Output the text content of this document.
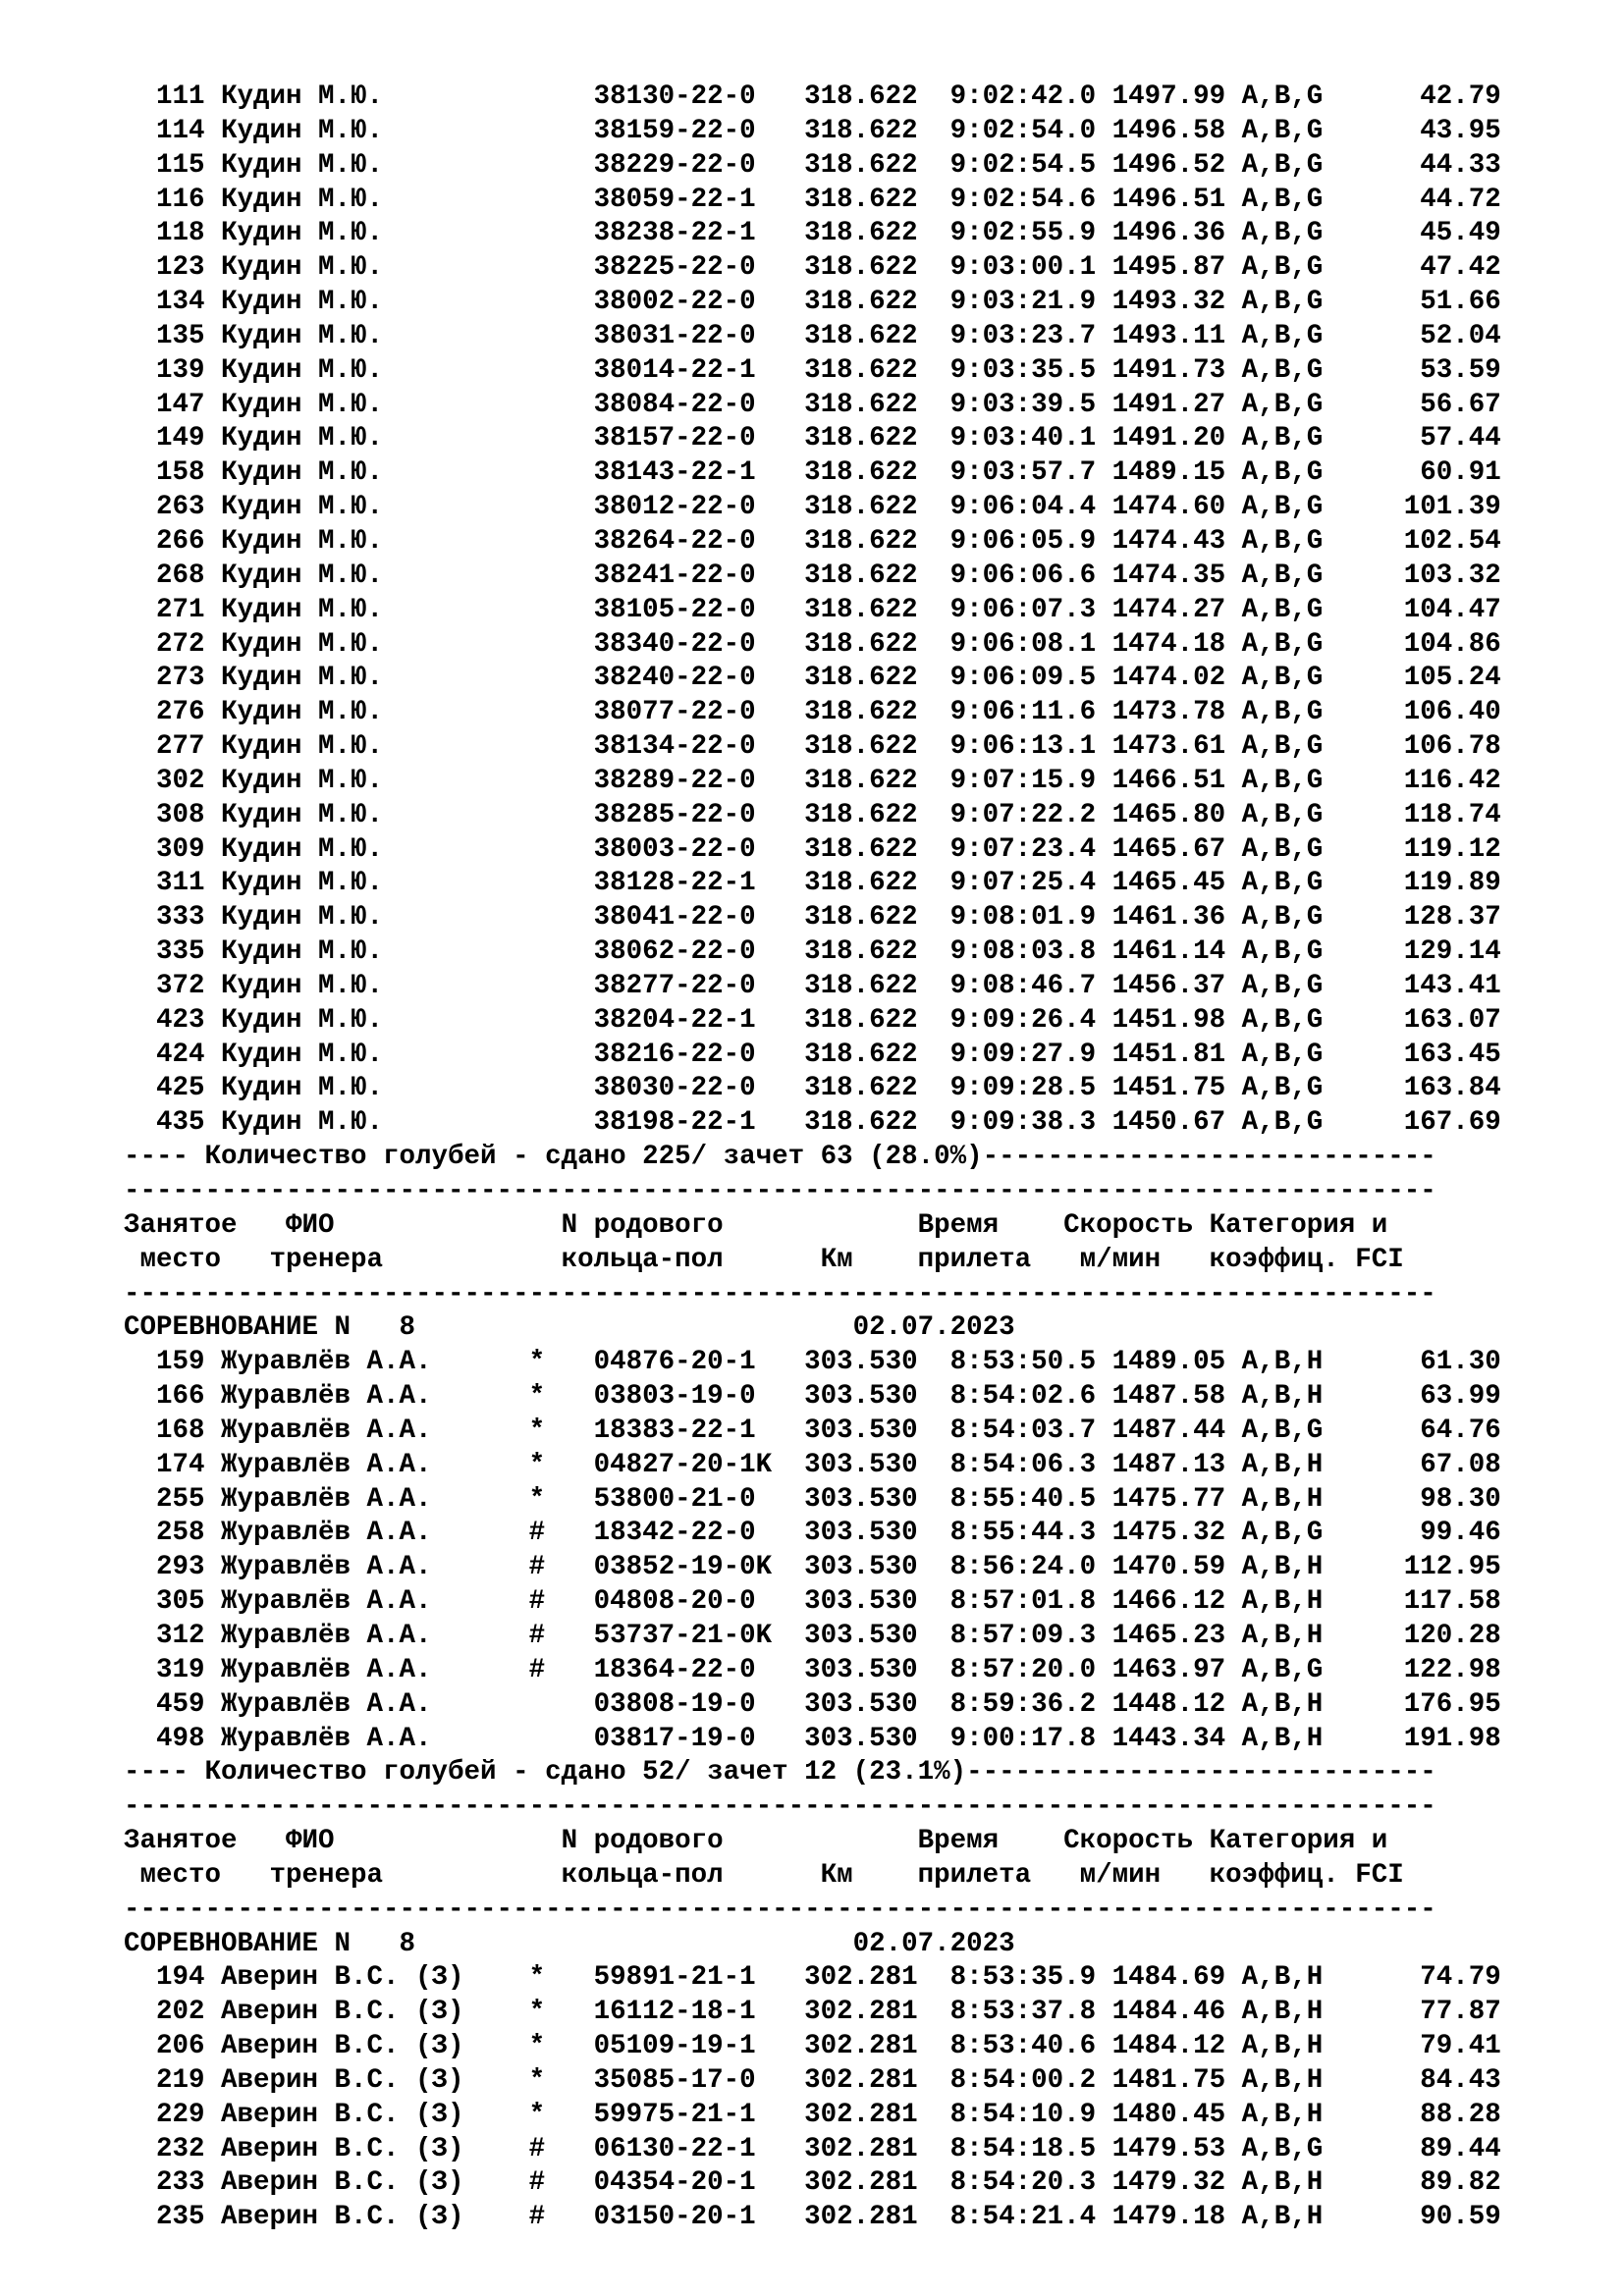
111 Кудин М.Ю.             38130-22-0   318.622  9:02:42.0 1497.99 A,B,G      42.79
114 Кудин М.Ю.             38159-22-0   318.622  9:02:54.0 1496.58 A,B,G      43.95
115 Кудин М.Ю.             38229-22-0   318.622  9:02:54.5 1496.52 A,B,G      44.33
116 Кудин М.Ю.             38059-22-1   318.622  9:02:54.6 1496.51 A,B,G      44.72
118 Кудин М.Ю.             38238-22-1   318.622  9:02:55.9 1496.36 A,B,G      45.49
123 Кудин М.Ю.             38225-22-0   318.622  9:03:00.1 1495.87 A,B,G      47.42
134 Кудин М.Ю.             38002-22-0   318.622  9:03:21.9 1493.32 A,B,G      51.66
135 Кудин М.Ю.             38031-22-0   318.622  9:03:23.7 1493.11 A,B,G      52.04
139 Кудин М.Ю.             38014-22-1   318.622  9:03:35.5 1491.73 A,B,G      53.59
147 Кудин М.Ю.             38084-22-0   318.622  9:03:39.5 1491.27 A,B,G      56.67
149 Кудин М.Ю.             38157-22-0   318.622  9:03:40.1 1491.20 A,B,G      57.44
158 Кудин М.Ю.             38143-22-1   318.622  9:03:57.7 1489.15 A,B,G      60.91
263 Кудин М.Ю.             38012-22-0   318.622  9:06:04.4 1474.60 A,B,G     101.39
266 Кудин М.Ю.             38264-22-0   318.622  9:06:05.9 1474.43 A,B,G     102.54
268 Кудин М.Ю.             38241-22-0   318.622  9:06:06.6 1474.35 A,B,G     103.32
271 Кудин М.Ю.             38105-22-0   318.622  9:06:07.3 1474.27 A,B,G     104.47
272 Кудин М.Ю.             38340-22-0   318.622  9:06:08.1 1474.18 A,B,G     104.86
273 Кудин М.Ю.             38240-22-0   318.622  9:06:09.5 1474.02 A,B,G     105.24
276 Кудин М.Ю.             38077-22-0   318.622  9:06:11.6 1473.78 A,B,G     106.40
277 Кудин М.Ю.             38134-22-0   318.622  9:06:13.1 1473.61 A,B,G     106.78
302 Кудин М.Ю.             38289-22-0   318.622  9:07:15.9 1466.51 A,B,G     116.42
308 Кудин М.Ю.             38285-22-0   318.622  9:07:22.2 1465.80 A,B,G     118.74
309 Кудин М.Ю.             38003-22-0   318.622  9:07:23.4 1465.67 A,B,G     119.12
311 Кудин М.Ю.             38128-22-1   318.622  9:07:25.4 1465.45 A,B,G     119.89
333 Кудин М.Ю.             38041-22-0   318.622  9:08:01.9 1461.36 A,B,G     128.37
335 Кудин М.Ю.             38062-22-0   318.622  9:08:03.8 1461.14 A,B,G     129.14
372 Кудин М.Ю.             38277-22-0   318.622  9:08:46.7 1456.37 A,B,G     143.41
423 Кудин М.Ю.             38204-22-1   318.622  9:09:26.4 1451.98 A,B,G     163.07
424 Кудин М.Ю.             38216-22-0   318.622  9:09:27.9 1451.81 A,B,G     163.45
425 Кудин М.Ю.             38030-22-0   318.622  9:09:28.5 1451.75 A,B,G     163.84
435 Кудин М.Ю.             38198-22-1   318.622  9:09:38.3 1450.67 A,B,G     167.69
---- Количество голубей - сдано 225/ зачет 63 (28.0%)----------------------------
---------------------------------------------------------------------------------
Занятое   ФИО              N родового            Время    Скорость Категория и
место   тренера           кольца-пол      Км    прилета   м/мин   коэффиц. FCI
---------------------------------------------------------------------------------
СОРЕВНОВАНИЕ N   8                           02.07.2023
159 Журавлёв А.А.      *   04876-20-1   303.530  8:53:50.5 1489.05 A,B,H      61.30
166 Журавлёв А.А.      *   03803-19-0   303.530  8:54:02.6 1487.58 A,B,H      63.99
168 Журавлёв А.А.      *   18383-22-1   303.530  8:54:03.7 1487.44 A,B,G      64.76
174 Журавлёв А.А.      *   04827-20-1K  303.530  8:54:06.3 1487.13 A,B,H      67.08
255 Журавлёв А.А.      *   53800-21-0   303.530  8:55:40.5 1475.77 A,B,H      98.30
258 Журавлёв А.А.      #   18342-22-0   303.530  8:55:44.3 1475.32 A,B,G      99.46
293 Журавлёв А.А.      #   03852-19-0K  303.530  8:56:24.0 1470.59 A,B,H     112.95
305 Журавлёв А.А.      #   04808-20-0   303.530  8:57:01.8 1466.12 A,B,H     117.58
312 Журавлёв А.А.      #   53737-21-0K  303.530  8:57:09.3 1465.23 A,B,H     120.28
319 Журавлёв А.А.      #   18364-22-0   303.530  8:57:20.0 1463.97 A,B,G     122.98
459 Журавлёв А.А.          03808-19-0   303.530  8:59:36.2 1448.12 A,B,H     176.95
498 Журавлёв А.А.          03817-19-0   303.530  9:00:17.8 1443.34 A,B,H     191.98
---- Количество голубей - сдано 52/ зачет 12 (23.1%)-----------------------------
---------------------------------------------------------------------------------
Занятое   ФИО              N родового            Время    Скорость Категория и
место   тренера           кольца-пол      Км    прилета   м/мин   коэффиц. FCI
---------------------------------------------------------------------------------
СОРЕВНОВАНИЕ N   8                           02.07.2023
194 Аверин В.С. (З)    *   59891-21-1   302.281  8:53:35.9 1484.69 A,B,H      74.79
202 Аверин В.С. (З)    *   16112-18-1   302.281  8:53:37.8 1484.46 A,B,H      77.87
206 Аверин В.С. (З)    *   05109-19-1   302.281  8:53:40.6 1484.12 A,B,H      79.41
219 Аверин В.С. (З)    *   35085-17-0   302.281  8:54:00.2 1481.75 A,B,H      84.43
229 Аверин В.С. (З)    *   59975-21-1   302.281  8:54:10.9 1480.45 A,B,H      88.28
232 Аверин В.С. (З)    #   06130-22-1   302.281  8:54:18.5 1479.53 A,B,G      89.44
233 Аверин В.С. (З)    #   04354-20-1   302.281  8:54:20.3 1479.32 A,B,H      89.82
235 Аверин В.С. (З)    #   03150-20-1   302.281  8:54:21.4 1479.18 A,B,H      90.59
